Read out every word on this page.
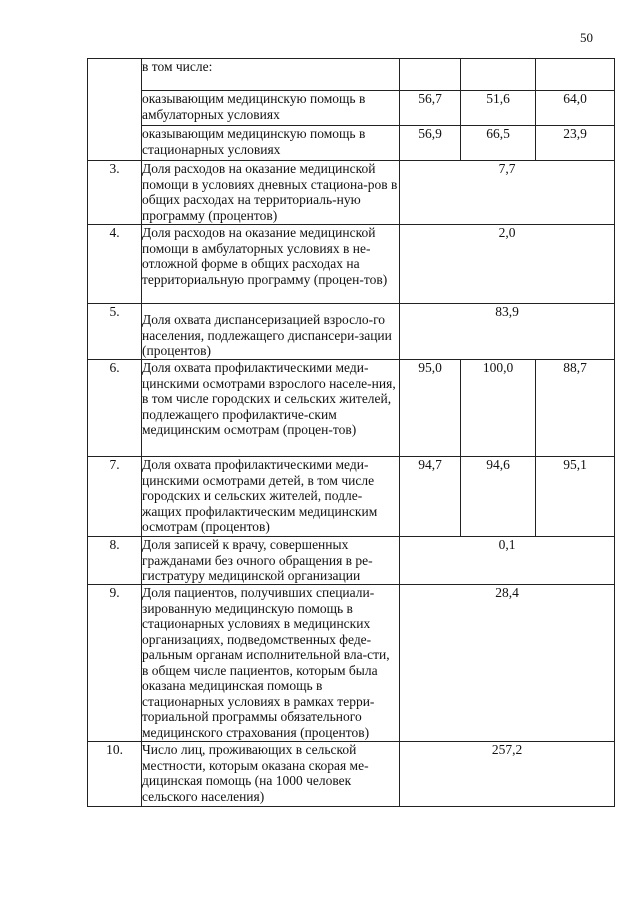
50
	в том числе:			
	оказывающим медицинскую помощь в амбулаторных условиях	56,7	51,6	64,0
	оказывающим медицинскую помощь в стационарных условиях	56,9	66,5	23,9
3.	Доля расходов на оказание медицинской помощи в условиях дневных стациона-ров в общих расходах на территориаль-ную программу (процентов)	7,7		
4.	Доля расходов на оказание медицинской помощи в амбулаторных условиях в не-отложной форме в общих расходах на территориальную программу (процен-тов)	2,0		
5.	Доля охвата диспансеризацией взросло-го населения, подлежащего диспансери-зации (процентов)	83,9		
6.	Доля охвата профилактическими меди-цинскими осмотрами взрослого населе-ния, в том числе городских и сельских жителей, подлежащего профилактиче-ским медицинским осмотрам (процен-тов)	95,0	100,0	88,7
7.	Доля охвата профилактическими меди-цинскими осмотрами детей, в том числе городских и сельских жителей, подле-жащих профилактическим медицинским осмотрам (процентов)	94,7	94,6	95,1
8.	Доля записей к врачу, совершенных гражданами без очного обращения в ре-гистратуру медицинской организации	0,1		
9.	Доля пациентов, получивших специали-зированную медицинскую помощь в стационарных условиях в медицинских организациях, подведомственных феде-ральным органам исполнительной вла-сти, в общем числе пациентов, которым была оказана медицинская помощь в стационарных условиях в рамках терри-ториальной программы обязательного медицинского страхования (процентов)	28,4		
10.	Число лиц, проживающих в сельской местности, которым оказана скорая ме-дицинская помощь (на 1000 человек сельского населения)	257,2		
